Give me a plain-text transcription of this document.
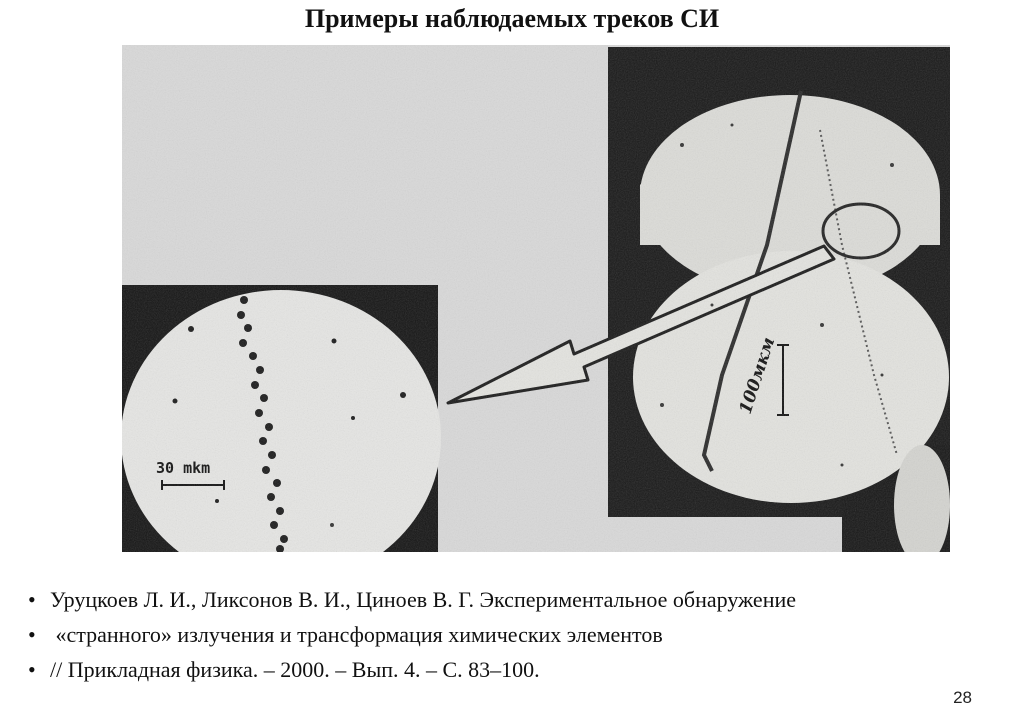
Примеры наблюдаемых треков СИ
• Уруцкоев Л. И., Ликсонов В. И., Циноев В. Г. Экспериментальное обнаружение
• «странного» излучения и трансформация химических элементов
• // Прикладная физика. – 2000. – Вып. 4. – С. 83–100.
28
